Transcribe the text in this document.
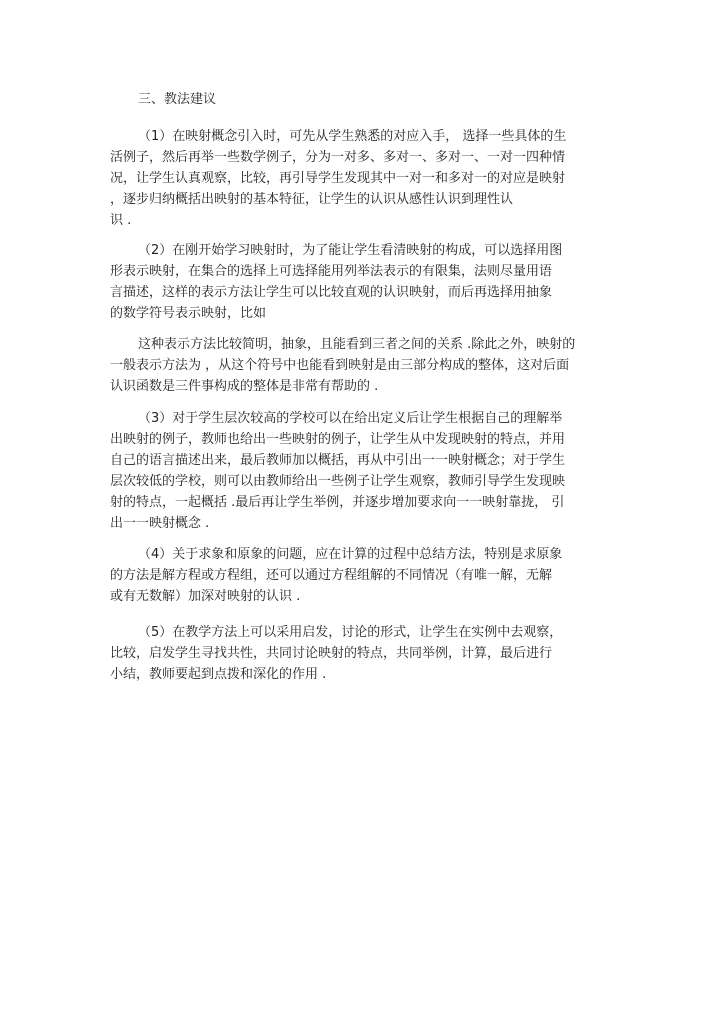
三、教法建议
（1）在映射概念引入时，可先从学生熟悉的对应入手， 选择一些具体的生
活例子，然后再举一些数学例子，分为一对多、多对一、多对一、一对一四种情
况，让学生认真观察，比较，再引导学生发现其中一对一和多对一的对应是映射
，逐步归纳概括出映射的基本特征，让学生的认识从感性认识到理性认
识 .
（2）在刚开始学习映射时，为了能让学生看清映射的构成，可以选择用图
形表示映射，在集合的选择上可选择能用列举法表示的有限集，法则尽量用语
言描述，这样的表示方法让学生可以比较直观的认识映射，而后再选择用抽象
的数学符号表示映射，比如
这种表示方法比较简明，抽象，且能看到三者之间的关系 .除此之外，映射的
一般表示方法为 ，从这个符号中也能看到映射是由三部分构成的整体，这对后面
认识函数是三件事构成的整体是非常有帮助的 .
（3）对于学生层次较高的学校可以在给出定义后让学生根据自己的理解举
出映射的例子，教师也给出一些映射的例子，让学生从中发现映射的特点，并用
自己的语言描述出来，最后教师加以概括，再从中引出一一映射概念；对于学生
层次较低的学校，则可以由教师给出一些例子让学生观察，教师引导学生发现映
射的特点，一起概括 .最后再让学生举例，并逐步增加要求向一一映射靠拢， 引
出一一映射概念 .
（4）关于求象和原象的问题，应在计算的过程中总结方法，特别是求原象
的方法是解方程或方程组，还可以通过方程组解的不同情况（有唯一解，无解
或有无数解）加深对映射的认识 .
（5）在教学方法上可以采用启发，讨论的形式，让学生在实例中去观察，
比较，启发学生寻找共性，共同讨论映射的特点，共同举例，计算，最后进行
小结，教师要起到点拨和深化的作用 .
